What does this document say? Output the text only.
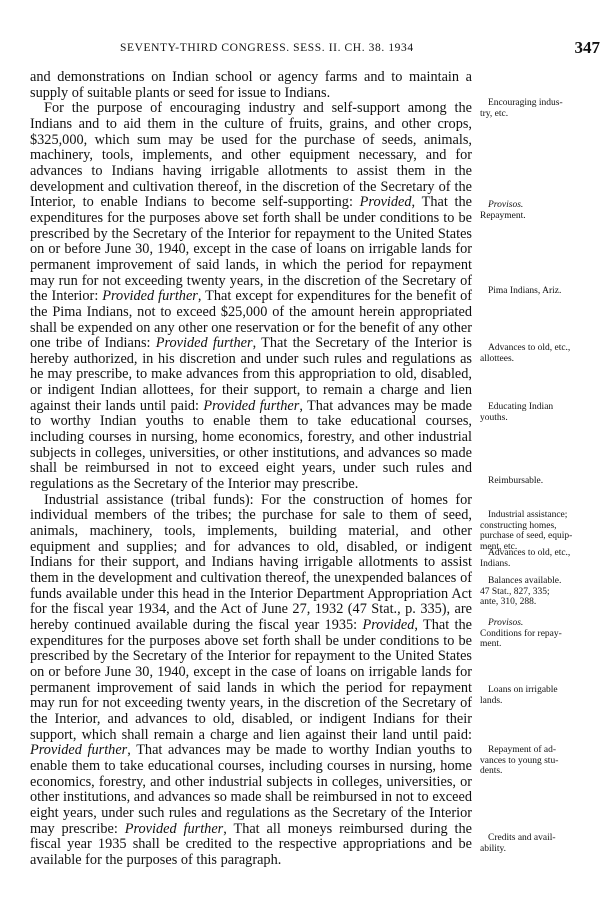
SEVENTY-THIRD CONGRESS. SESS. II. CH. 38. 1934	347

and demonstrations on Indian school or agency farms and to maintain a supply of suitable plants or seed for issue to Indians.

For the purpose of encouraging industry and self-support among the Indians and to aid them in the culture of fruits, grains, and other crops, $325,000, which sum may be used for the purchase of seeds, animals, machinery, tools, implements, and other equipment necessary, and for advances to Indians having irrigable allotments to assist them in the development and cultivation thereof, in the discretion of the Secretary of the Interior, to enable Indians to become self-supporting: Provided, That the expenditures for the purposes above set forth shall be under conditions to be prescribed by the Secretary of the Interior for repayment to the United States on or before June 30, 1940, except in the case of loans on irrigable lands for permanent improvement of said lands, in which the period for repayment may run for not exceeding twenty years, in the discretion of the Secretary of the Interior: Provided further, That except for expenditures for the benefit of the Pima Indians, not to exceed $25,000 of the amount herein appropriated shall be expended on any other one reservation or for the benefit of any other one tribe of Indians: Provided further, That the Secretary of the Interior is hereby authorized, in his discretion and under such rules and regulations as he may prescribe, to make advances from this appropriation to old, disabled, or indigent Indian allottees, for their support, to remain a charge and lien against their lands until paid: Provided further, That advances may be made to worthy Indian youths to enable them to take educational courses, including courses in nursing, home economics, forestry, and other industrial subjects in colleges, universities, or other institutions, and advances so made shall be reimbursed in not to exceed eight years, under such rules and regulations as the Secretary of the Interior may prescribe.

Industrial assistance (tribal funds): For the construction of homes for individual members of the tribes; the purchase for sale to them of seed, animals, machinery, tools, implements, building material, and other equipment and supplies; and for advances to old, disabled, or indigent Indians for their support, and Indians having irrigable allotments to assist them in the development and cultivation thereof, the unexpended balances of funds available under this head in the Interior Department Appropriation Act for the fiscal year 1934, and the Act of June 27, 1932 (47 Stat., p. 335), are hereby continued available during the fiscal year 1935: Provided, That the expenditures for the purposes above set forth shall be under conditions to be prescribed by the Secretary of the Interior for repayment to the United States on or before June 30, 1940, except in the case of loans on irrigable lands for permanent improvement of said lands in which the period for repayment may run for not exceeding twenty years, in the discretion of the Secretary of the Interior, and advances to old, disabled, or indigent Indians for their support, which shall remain a charge and lien against their land until paid: Provided further, That advances may be made to worthy Indian youths to enable them to take educational courses, including courses in nursing, home economics, forestry, and other industrial subjects in colleges, universities, or other institutions, and advances so made shall be reimbursed in not to exceed eight years, under such rules and regulations as the Secretary of the Interior may prescribe: Provided further, That all moneys reimbursed during the fiscal year 1935 shall be credited to the respective appropriations and be available for the purposes of this paragraph.

Encouraging indus-
try, etc.
Provisos.
Repayment.
Pima Indians, Ariz.
Advances to old, etc.,
allottees.
Educating Indian
youths.
Reimbursable.
Industrial assistance;
constructing homes,
purchase of seed, equip-
ment, etc.
Advances to old, etc.,
Indians.
Balances available.
47 Stat., 827, 335;
ante, 310, 288.
Provisos.
Conditions for repay-
ment.
Loans on irrigable
lands.
Repayment of ad-
vances to young stu-
dents.
Credits and avail-
ability.
